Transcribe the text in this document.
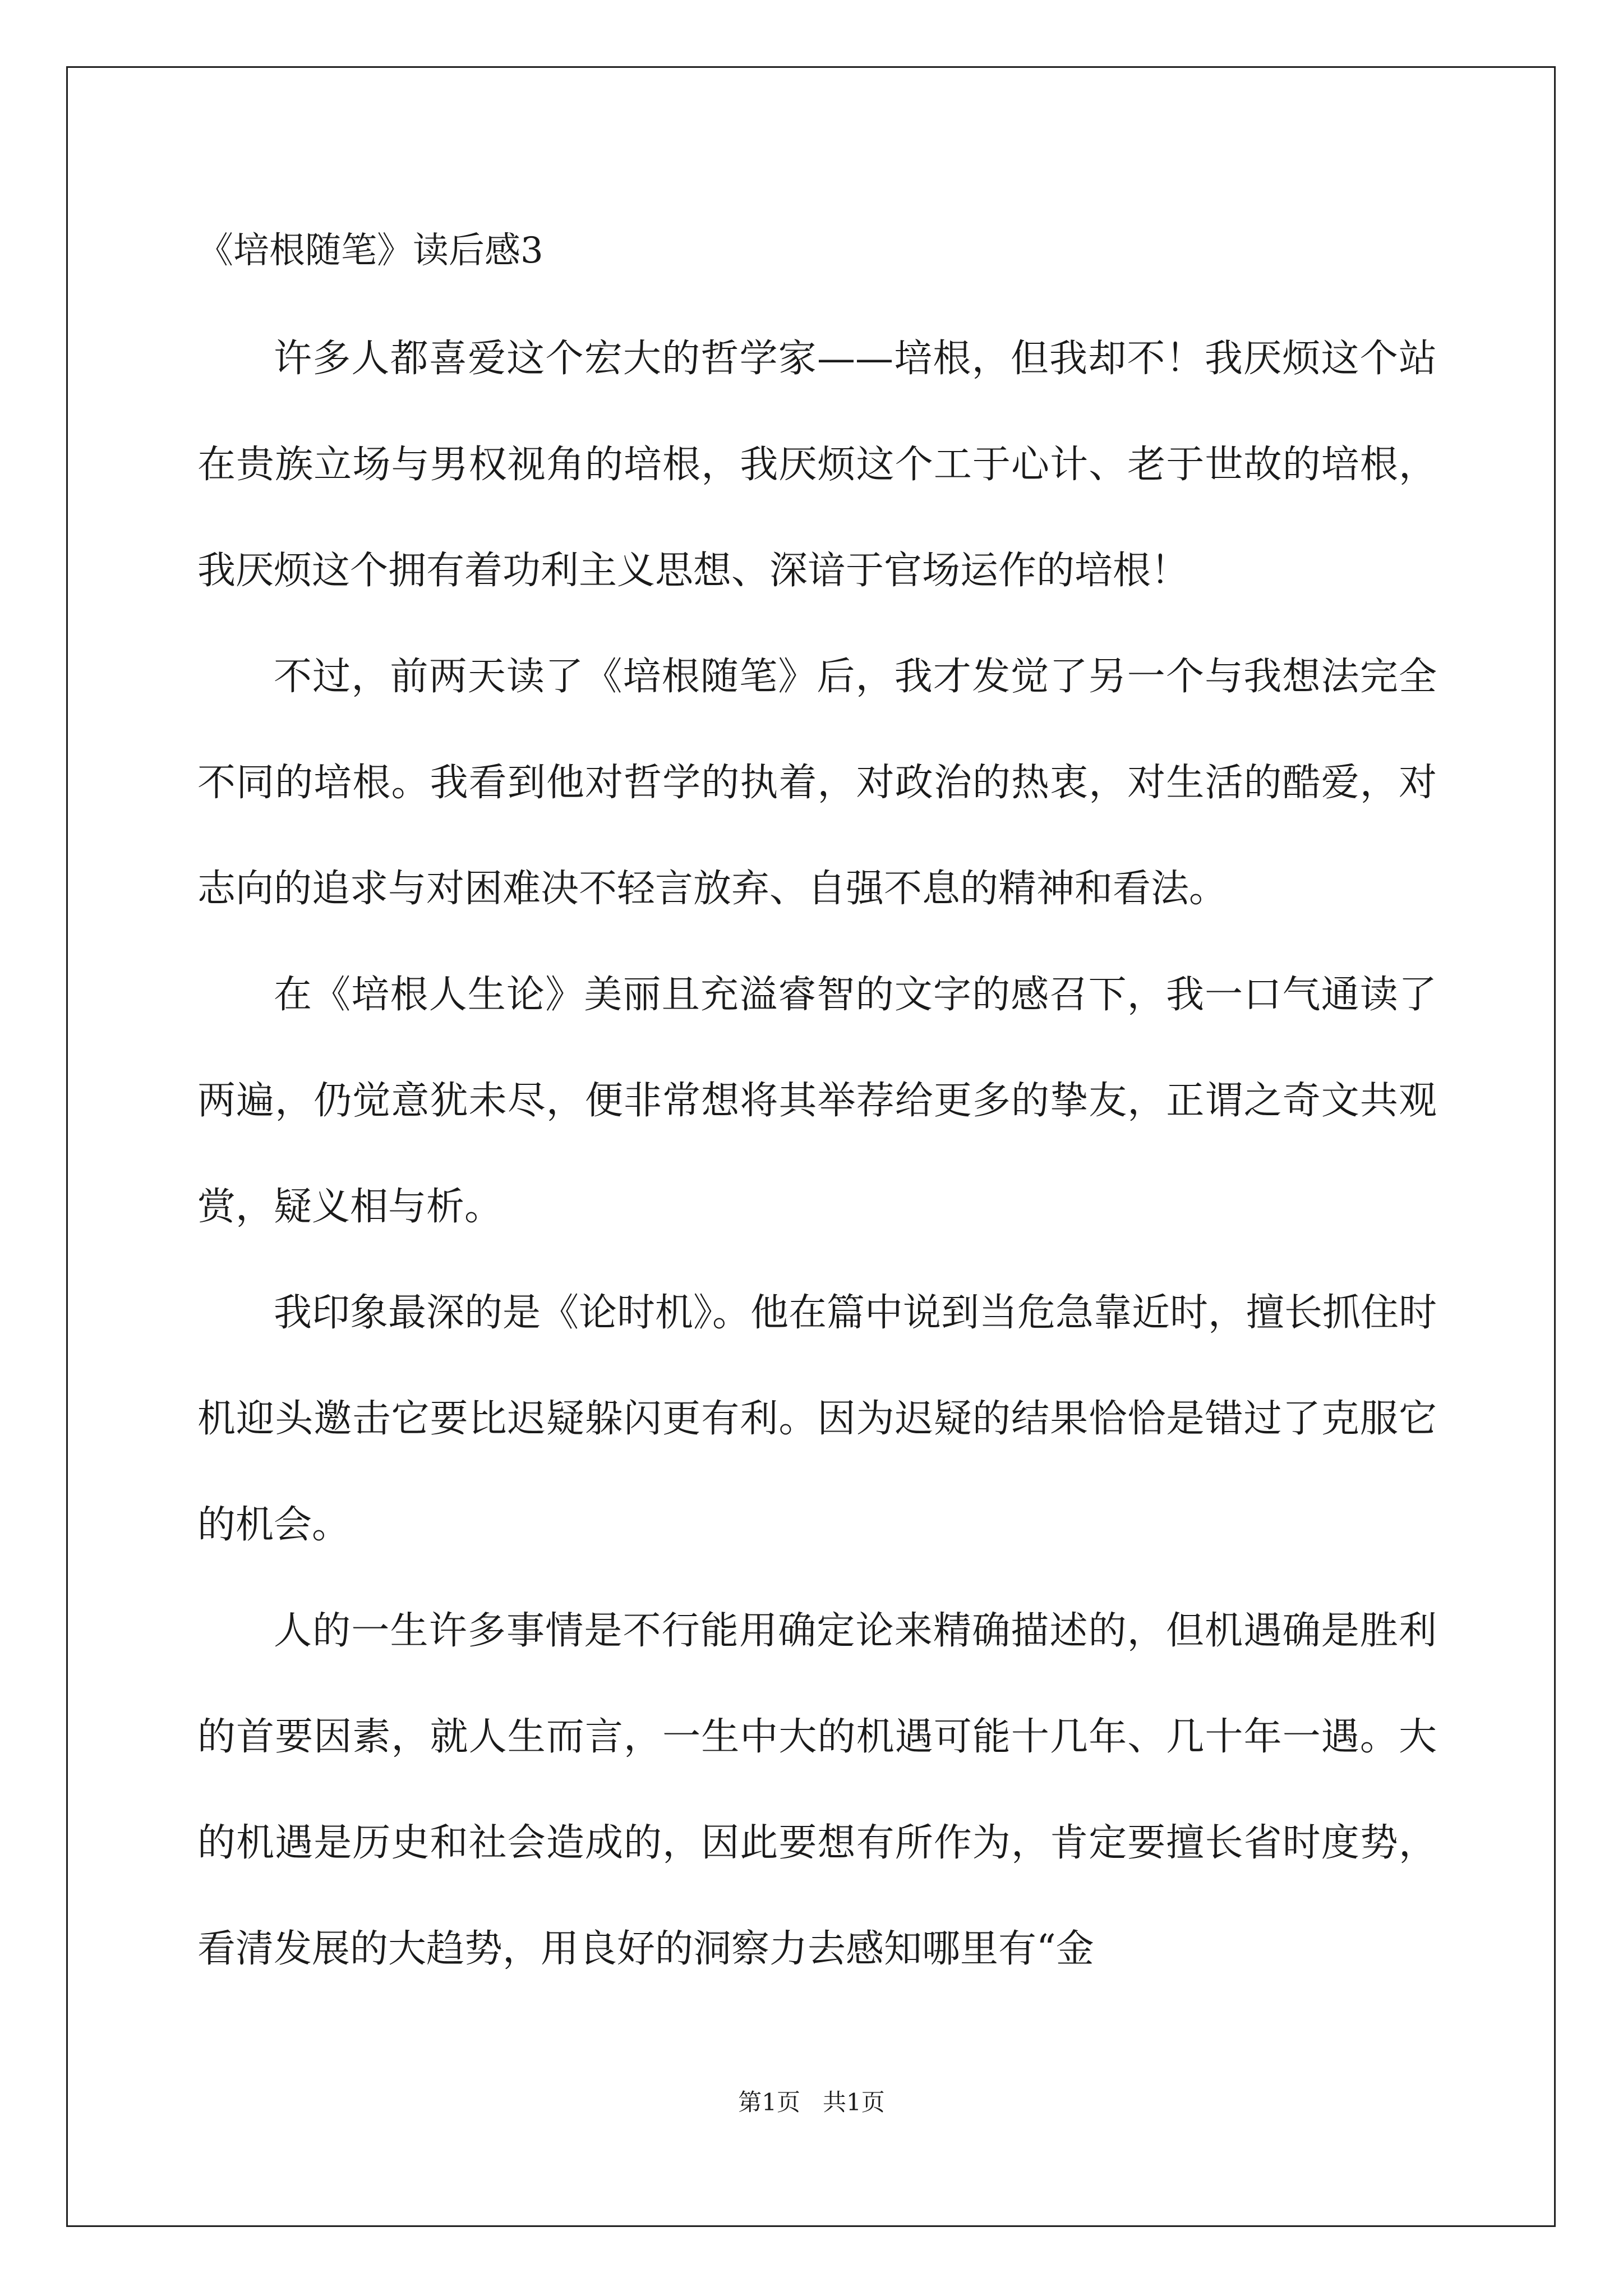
《培根随笔》读后感3

许多人都喜爱这个宏大的哲学家——培根，但我却不！我厌烦这个站在贵族立场与男权视角的培根，我厌烦这个工于心计、老于世故的培根，我厌烦这个拥有着功利主义思想、深谙于官场运作的培根！

不过，前两天读了《培根随笔》后，我才发觉了另一个与我想法完全不同的培根。我看到他对哲学的执着，对政治的热衷，对生活的酷爱，对志向的追求与对困难决不轻言放弃、自强不息的精神和看法。

在《培根人生论》美丽且充溢睿智的文字的感召下，我一口气通读了两遍，仍觉意犹未尽，便非常想将其举荐给更多的挚友，正谓之奇文共观赏，疑义相与析。

我印象最深的是《论时机》。他在篇中说到当危急靠近时，擅长抓住时机迎头邀击它要比迟疑躲闪更有利。因为迟疑的结果恰恰是错过了克服它的机会。

人的一生许多事情是不行能用确定论来精确描述的，但机遇确是胜利的首要因素，就人生而言，一生中大的机遇可能十几年、几十年一遇。大的机遇是历史和社会造成的，因此要想有所作为，肯定要擅长省时度势，看清发展的大趋势，用良好的洞察力去感知哪里有“金

第1页   共1页
